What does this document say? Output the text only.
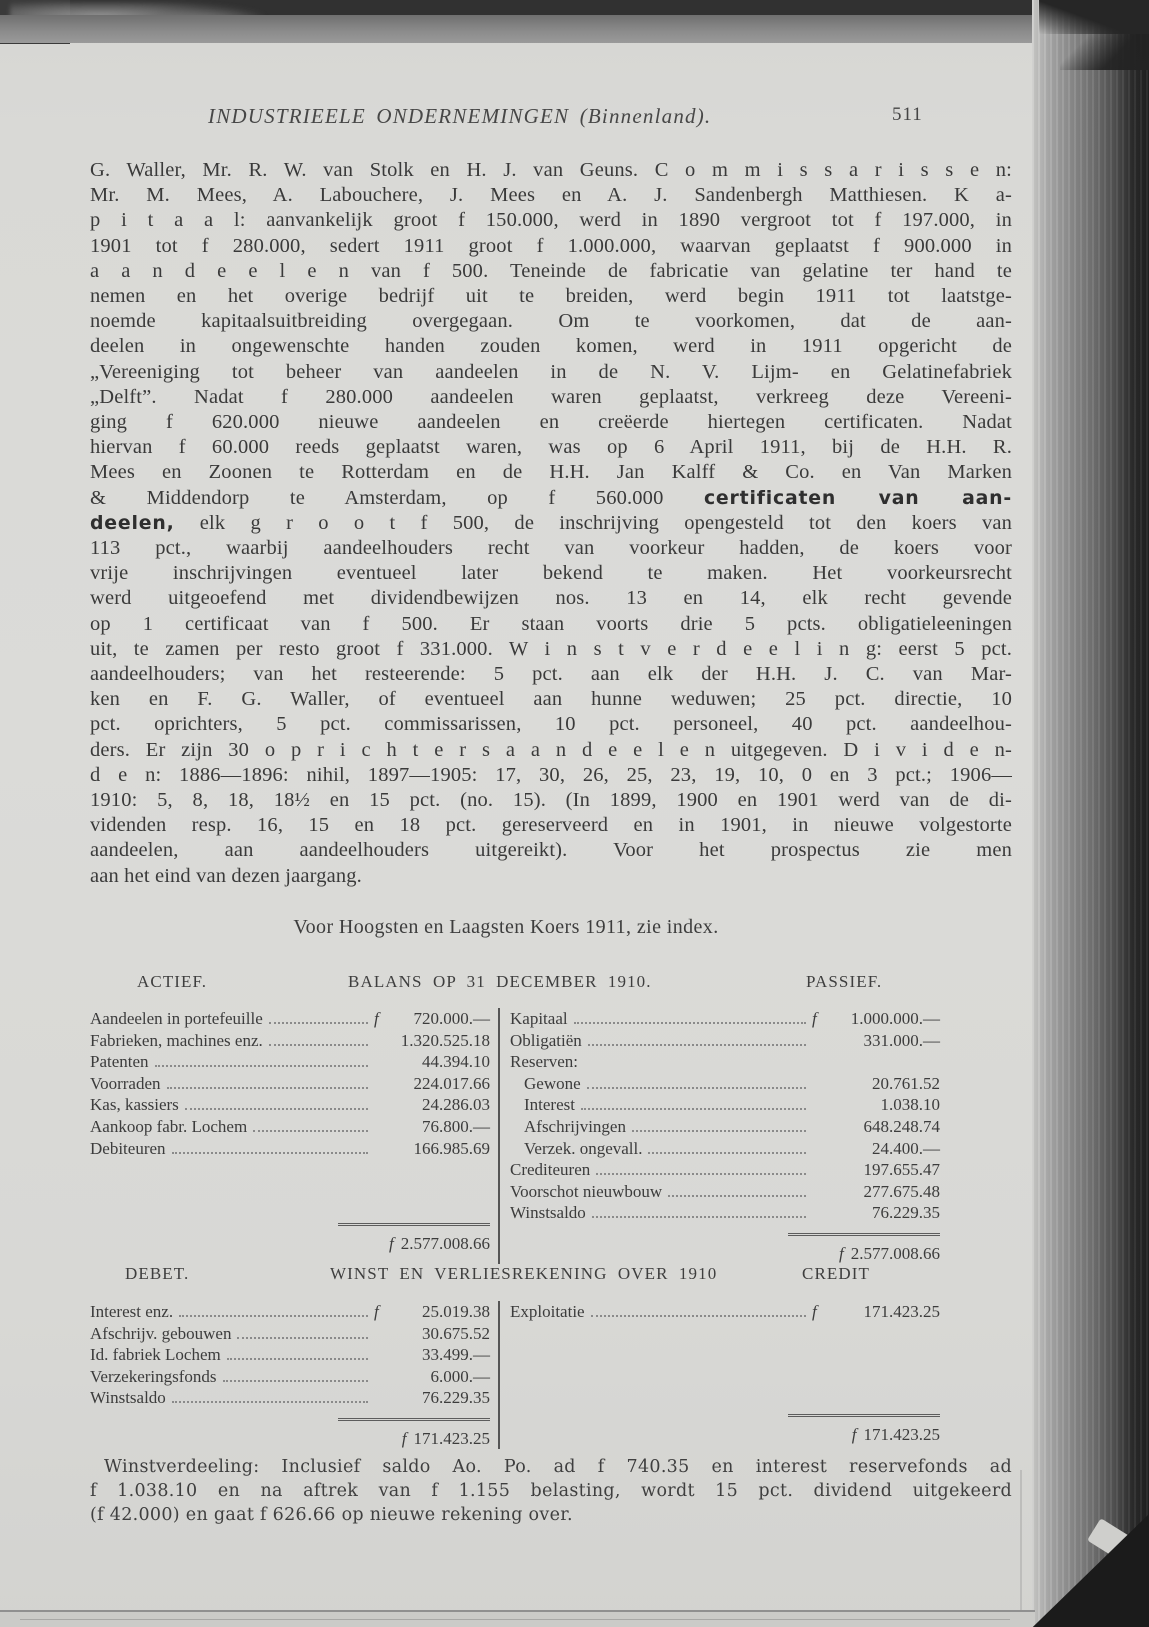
INDUSTRIEELE ONDERNEMINGEN (Binnenland).	511
G. Waller, Mr. R. W. van Stolk en H. J. van Geuns. C o m m i s s a r i s s e n:
Mr. M. Mees, A. Labouchere, J. Mees en A. J. Sandenbergh Matthiesen. K a-
p i t a a l: aanvankelijk groot f 150.000, werd in 1890 vergroot tot f 197.000, in
1901 tot f 280.000, sedert 1911 groot f 1.000.000, waarvan geplaatst f 900.000 in
a a n d e e l e n van f 500. Teneinde de fabricatie van gelatine ter hand te
nemen en het overige bedrijf uit te breiden, werd begin 1911 tot laatstge-
noemde kapitaalsuitbreiding overgegaan. Om te voorkomen, dat de aan-
deelen in ongewenschte handen zouden komen, werd in 1911 opgericht de
„Vereeniging tot beheer van aandeelen in de N. V. Lijm- en Gelatinefabriek
„Delft”. Nadat f 280.000 aandeelen waren geplaatst, verkreeg deze Vereeni-
ging f 620.000 nieuwe aandeelen en creëerde hiertegen certificaten. Nadat
hiervan f 60.000 reeds geplaatst waren, was op 6 April 1911, bij de H.H. R.
Mees en Zoonen te Rotterdam en de H.H. Jan Kalff & Co. en Van Marken
& Middendorp te Amsterdam, op f 560.000 certificaten van aan-
deelen, elk g r o o t f 500, de inschrijving opengesteld tot den koers van
113 pct., waarbij aandeelhouders recht van voorkeur hadden, de koers voor
vrije inschrijvingen eventueel later bekend te maken. Het voorkeursrecht
werd uitgeoefend met dividendbewijzen nos. 13 en 14, elk recht gevende
op 1 certificaat van f 500. Er staan voorts drie 5 pcts. obligatieleeningen
uit, te zamen per resto groot f 331.000. W i n s t v e r d e e l i n g: eerst 5 pct.
aandeelhouders; van het resteerende: 5 pct. aan elk der H.H. J. C. van Mar-
ken en F. G. Waller, of eventueel aan hunne weduwen; 25 pct. directie, 10
pct. oprichters, 5 pct. commissarissen, 10 pct. personeel, 40 pct. aandeelhou-
ders. Er zijn 30 o p r i c h t e r s a a n d e e l e n uitgegeven. D i v i d e n-
d e n: 1886—1896: nihil, 1897—1905: 17, 30, 26, 25, 23, 19, 10, 0 en 3 pct.; 1906—
1910: 5, 8, 18, 18½ en 15 pct. (no. 15). (In 1899, 1900 en 1901 werd van de di-
videnden resp. 16, 15 en 18 pct. gereserveerd en in 1901, in nieuwe volgestorte
aandeelen, aan aandeelhouders uitgereikt). Voor het prospectus zie men
aan het eind van dezen jaargang.
Voor Hoogsten en Laagsten Koers 1911, zie index.
ACTIEF.	BALANS OP 31 DECEMBER 1910.	PASSIEF.
Aandeelen in portefeuille	f	720.000.—
Fabrieken, machines enz.	1.320.525.18
Patenten	44.394.10
Voorraden	224.017.66
Kas, kassiers	24.286.03
Aankoop fabr. Lochem	76.800.—
Debiteuren	166.985.69
f 2.577.008.66
Kapitaal	f	1.000.000.—
Obligatiën	331.000.—
Reserven:
Gewone	20.761.52
Interest	1.038.10
Afschrijvingen	648.248.74
Verzek. ongevall.	24.400.—
Crediteuren	197.655.47
Voorschot nieuwbouw	277.675.48
Winstsaldo	76.229.35
f 2.577.008.66
DEBET.	WINST EN VERLIESREKENING OVER 1910	CREDIT
Interest enz.	f	25.019.38
Afschrijv. gebouwen	30.675.52
Id. fabriek Lochem	33.499.—
Verzekeringsfonds	6.000.—
Winstsaldo	76.229.35
f 171.423.25
Exploitatie	f	171.423.25
f 171.423.25
Winstverdeeling: Inclusief saldo Ao. Po. ad f 740.35 en interest reservefonds ad
f 1.038.10 en na aftrek van f 1.155 belasting, wordt 15 pct. dividend uitgekeerd
(f 42.000) en gaat f 626.66 op nieuwe rekening over.
